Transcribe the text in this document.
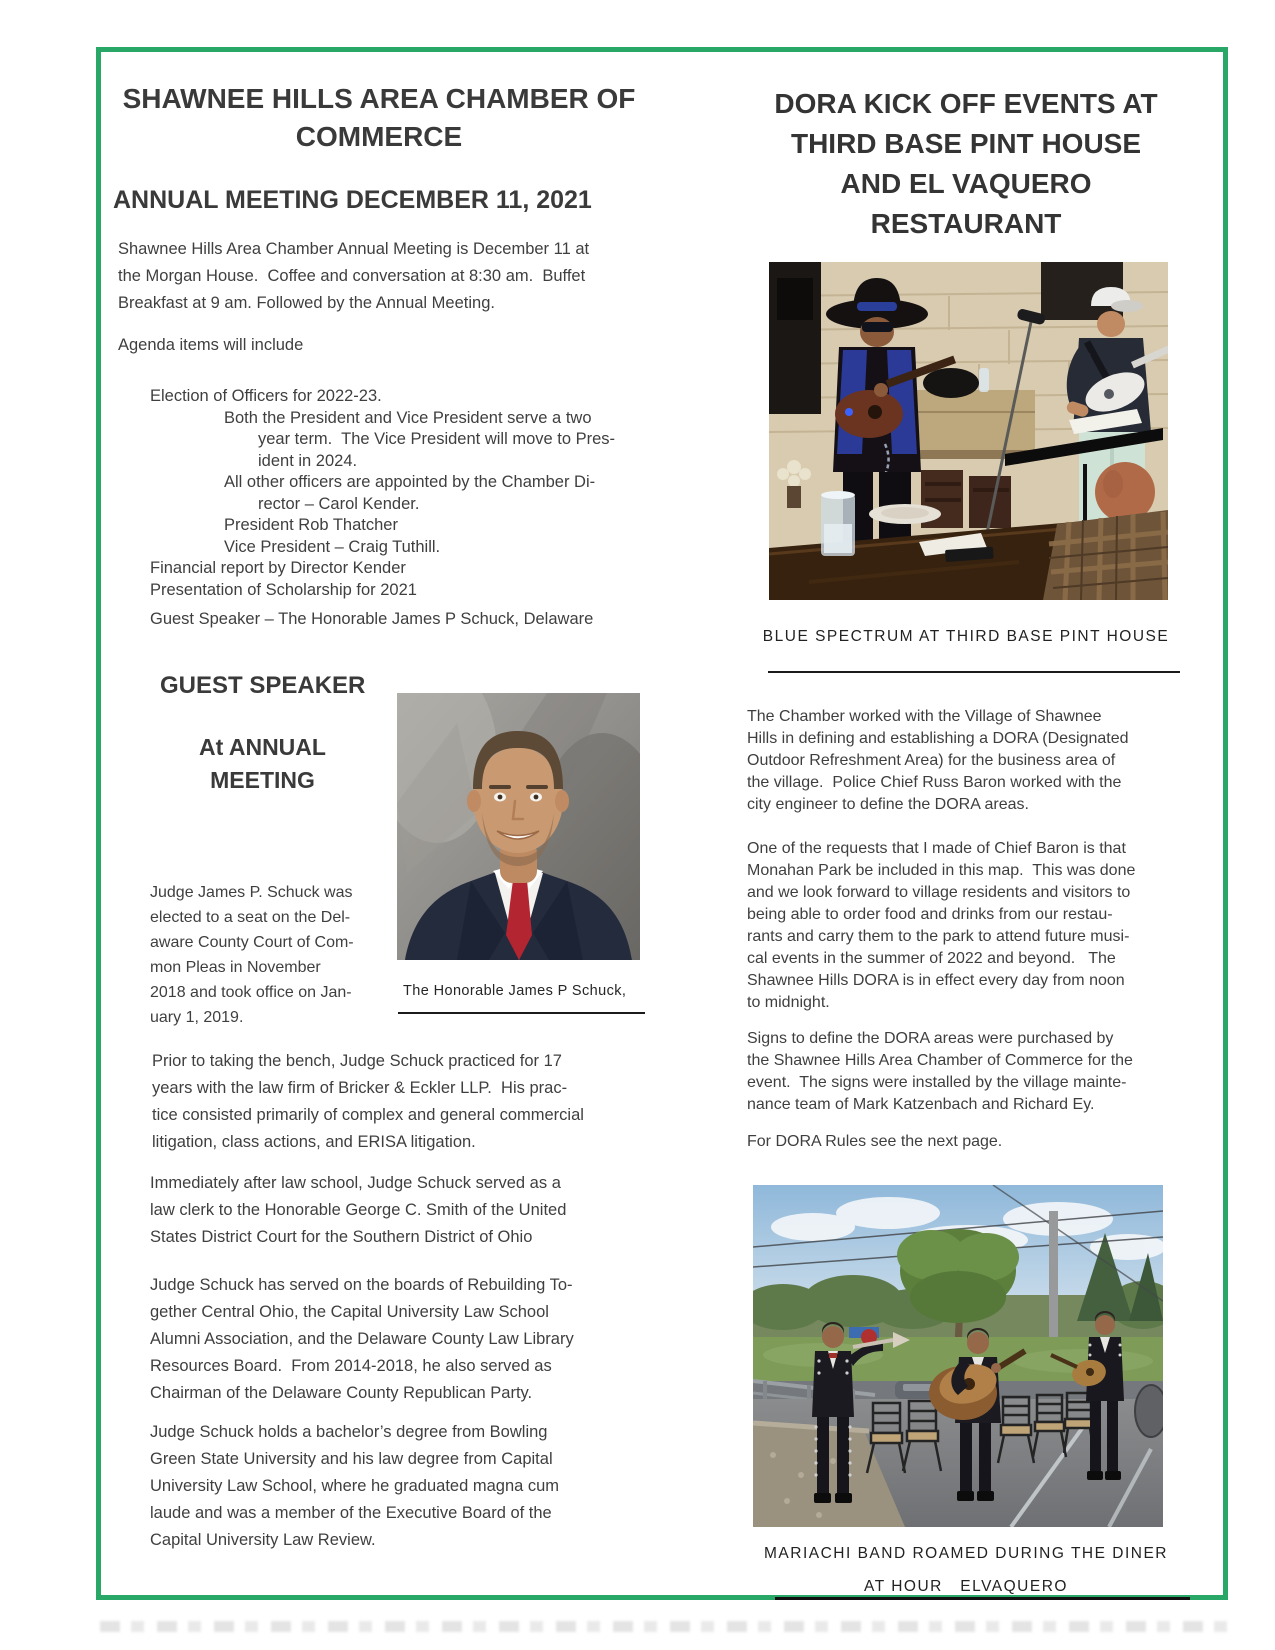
SHAWNEE HILLS AREA CHAMBER OF
COMMERCE
ANNUAL MEETING DECEMBER 11, 2021
Shawnee Hills Area Chamber Annual Meeting is December 11 at
the Morgan House.  Coffee and conversation at 8:30 am.  Buffet
Breakfast at 9 am. Followed by the Annual Meeting.
Agenda items will include
Election of Officers for 2022-23.
Both the President and Vice President serve a two
year term.  The Vice President will move to Pres-
ident in 2024.
All other officers are appointed by the Chamber Di-
rector – Carol Kender.
President Rob Thatcher
Vice President – Craig Tuthill.
Financial report by Director Kender
Presentation of Scholarship for 2021
Guest Speaker – The Honorable James P Schuck, Delaware
GUEST SPEAKER
At ANNUAL
MEETING
The Honorable James P Schuck,
Judge James P. Schuck was
elected to a seat on the Del-
aware County Court of Com-
mon Pleas in November
2018 and took office on Jan-
uary 1, 2019.
Prior to taking the bench, Judge Schuck practiced for 17
years with the law firm of Bricker & Eckler LLP.  His prac-
tice consisted primarily of complex and general commercial
litigation, class actions, and ERISA litigation.
Immediately after law school, Judge Schuck served as a
law clerk to the Honorable George C. Smith of the United
States District Court for the Southern District of Ohio
Judge Schuck has served on the boards of Rebuilding To-
gether Central Ohio, the Capital University Law School
Alumni Association, and the Delaware County Law Library
Resources Board.  From 2014-2018, he also served as
Chairman of the Delaware County Republican Party.
Judge Schuck holds a bachelor’s degree from Bowling
Green State University and his law degree from Capital
University Law School, where he graduated magna cum
laude and was a member of the Executive Board of the
Capital University Law Review.
DORA KICK OFF EVENTS AT
THIRD BASE PINT HOUSE
AND EL VAQUERO
RESTAURANT
BLUE SPECTRUM AT THIRD BASE PINT HOUSE
The Chamber worked with the Village of Shawnee
Hills in defining and establishing a DORA (Designated
Outdoor Refreshment Area) for the business area of
the village.  Police Chief Russ Baron worked with the
city engineer to define the DORA areas.
One of the requests that I made of Chief Baron is that
Monahan Park be included in this map.  This was done
and we look forward to village residents and visitors to
being able to order food and drinks from our restau-
rants and carry them to the park to attend future musi-
cal events in the summer of 2022 and beyond.   The
Shawnee Hills DORA is in effect every day from noon
to midnight.
Signs to define the DORA areas were purchased by
the Shawnee Hills Area Chamber of Commerce for the
event.  The signs were installed by the village mainte-
nance team of Mark Katzenbach and Richard Ey.
For DORA Rules see the next page.
MARIACHI BAND ROAMED DURING THE DINER
AT HOUR   ELVAQUERO
